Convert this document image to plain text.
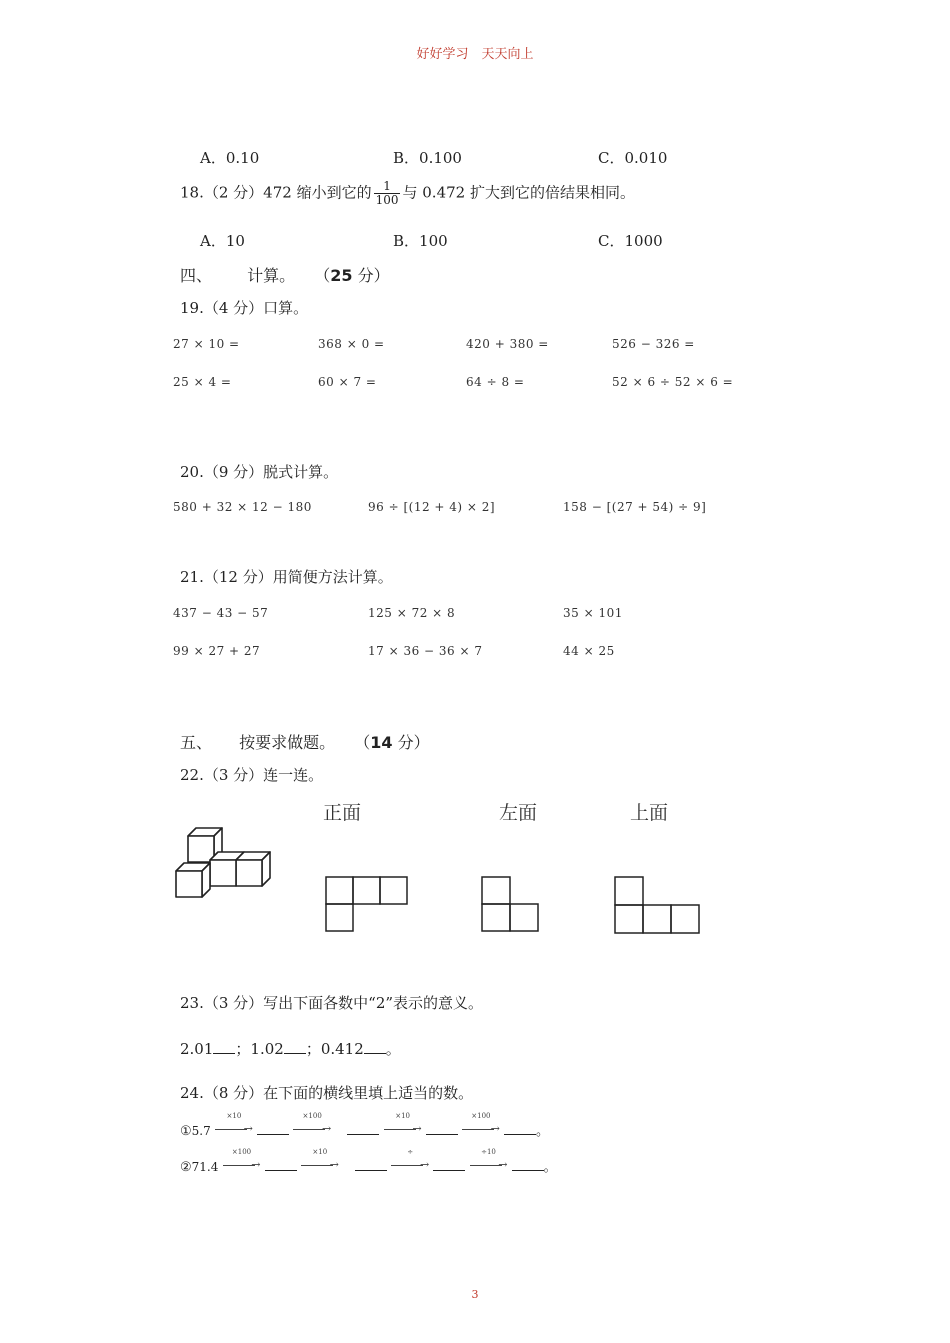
好好学习　天天向上
A．0.10	B．0.100	C．0.010
18.（2 分）472 缩小到它的 $\frac{1}{100}$ 与 0.472 扩大到它的倍结果相同。
A．10	B．100	C．1000
四、 计算。 （25 分）
19.（4 分）口算。
27 × 10 =	368 × 0 =	420 + 380 =	526 − 326 =
25 × 4 =	60 × 7 =	64 ÷ 8 =	52 × 6 ÷ 52 × 6 =
20.（9 分）脱式计算。
580 + 32 × 12 − 180	96 ÷ [(12 + 4) × 2]	158 − [(27 + 54) ÷ 9]
21.（12 分）用简便方法计算。
437 − 43 − 57	125 × 72 × 8	35 × 101
99 × 27 + 27	17 × 36 − 36 × 7	44 × 25
五、 按要求做题。 （14 分）
22.（3 分）连一连。
正面	左面	上面
23.（3 分）写出下面各数中“2”表示的意义。
2.01 ；1.02 ；0.412 。
24.（8 分）在下面的横线里填上适当的数。
①5.7
×10
→

×100
→

×10
→

×100
→	。
②71.4
×100
→

×10
→

÷
→

÷10
→	。
3
